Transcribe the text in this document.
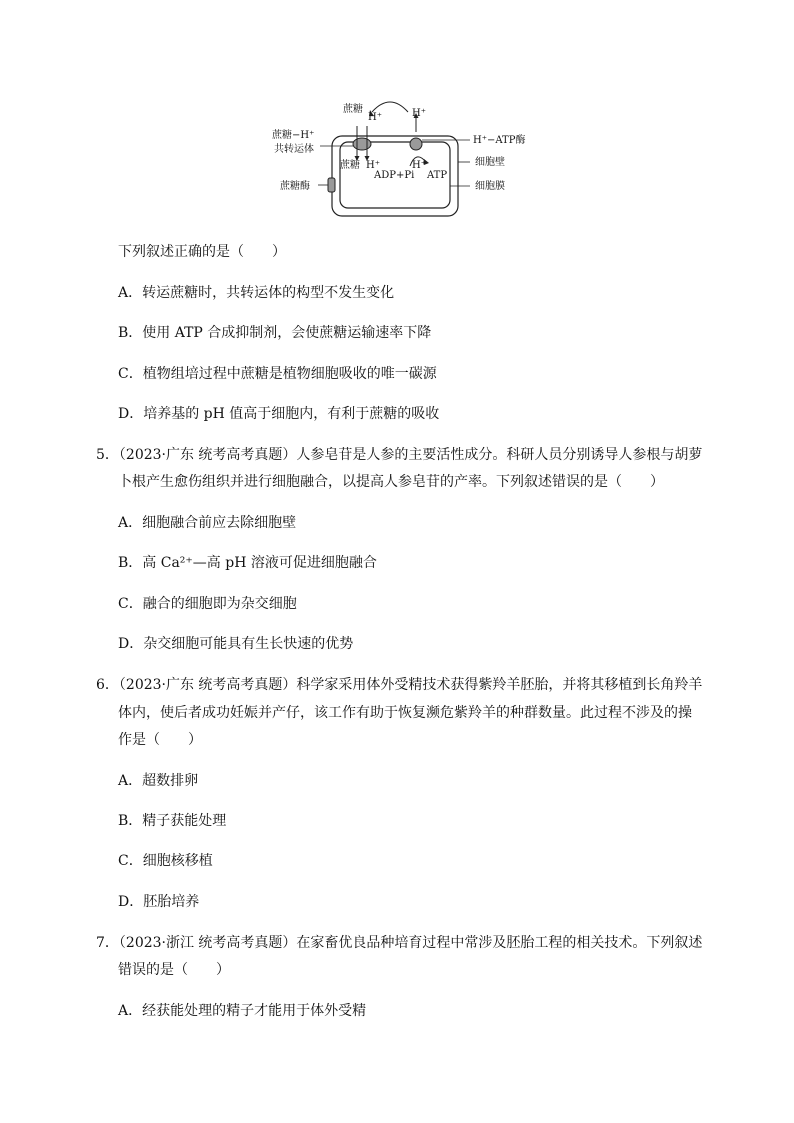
蔗糖
H⁺	H⁺
蔗糖−H⁺
共转运体
蔗糖 H⁺	H⁺
ADP+Pi ATP
H⁺−ATP酶
细胞壁
细胞膜
蔗糖酶
下列叙述正确的是（　　）
A．转运蔗糖时，共转运体的构型不发生变化
B．使用 ATP 合成抑制剂，会使蔗糖运输速率下降
C．植物组培过程中蔗糖是植物细胞吸收的唯一碳源
D．培养基的 pH 值高于细胞内，有利于蔗糖的吸收
5．（2023·广东 统考高考真题）人参皂苷是人参的主要活性成分。科研人员分别诱导人参根与胡萝
卜根产生愈伤组织并进行细胞融合，以提高人参皂苷的产率。下列叙述错误的是（　　）
A．细胞融合前应去除细胞壁
B．高 Ca²⁺—高 pH 溶液可促进细胞融合
C．融合的细胞即为杂交细胞
D．杂交细胞可能具有生长快速的优势
6．（2023·广东 统考高考真题）科学家采用体外受精技术获得紫羚羊胚胎，并将其移植到长角羚羊
体内，使后者成功妊娠并产仔，该工作有助于恢复濒危紫羚羊的种群数量。此过程不涉及的操
作是（　　）
A．超数排卵
B．精子获能处理
C．细胞核移植
D．胚胎培养
7．（2023·浙江 统考高考真题）在家畜优良品种培育过程中常涉及胚胎工程的相关技术。下列叙述
错误的是（　　）
A．经获能处理的精子才能用于体外受精
